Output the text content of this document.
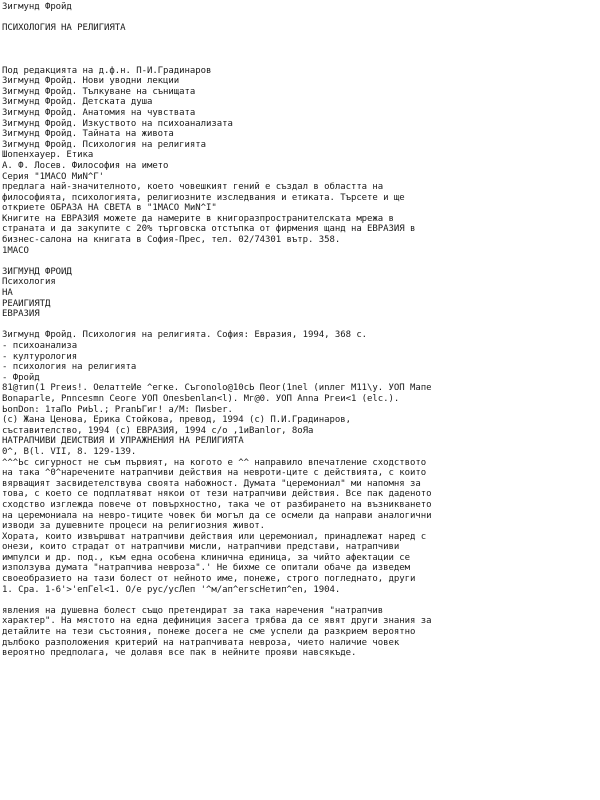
Зигмунд Фройд
ПСИХОЛОГИЯ НА РЕЛИГИЯТА
Под редакцията на д.ф.н. П-И.Градинаров
Зигмунд Фройд. Нови уводни лекции
Зигмунд Фройд. Тълкуване на сънищата
Зигмунд Фройд. Детската душа
Зигмунд Фройд. Анатомия на чувствата
Зигмунд Фройд. Изкуството на психоанализата
Зигмунд Фройд. Тайната на живота
Зигмунд Фройд. Психология на религията
Шопенхауер. Етика
А. Ф. Лосев. Философия на името
Серия "1МАСО МиN^Г'
предлага най-значителното, което човешкият гений е създал в областта на
философията, психологията, религиозните изследвания и етиката. Търсете и ще
откриете ОБРАЗА НА СВЕТА в "1МАСО МиN^I"
Книгите на ЕВРАЗИЯ можете да намерите в книгоразпространителската мрежа в
страната и да закупите с 20% търговска отстъпка от фирмения щанд на ЕВРАЗИЯ в
бизнес-салона на книгата в София-Прес, тел. 02/74301 вътр. 358.
1МАСО
ЗИГМУНД ФРОЙД
Психология
НА
РЕАИГИЯТД
ЕВРАЗИЯ
Зигмунд Фройд. Психология на религията. София: Евразия, 1994, 368 с.
- психоанализа
- културология
- психология на религията
- Фройд
81@тип(1 Ргеиѕ!. ОелаттеИе ^егке. Съгоnolo@10сЬ Пеог(1nel (иnлег М11\у. УОП Мапе
Воnараrlе, Рnnсеѕmn Сеоге УОП Опеѕbenlan<l). Мг@0. УОП Аnna Ргеи<1 (еlс.).
ЬопDоn: 1таПо РиЬl.; РrаnЬГиг! а/М: Пиѕbеr.
(с) Жана Ценова, Ерика Стойкова, превод, 1994 (с) П.И.Градинаров,
съставителство, 1994 (с) ЕВРАЗИЯ, 1994 с/о ,1иВаnlоr, 8оЯа
НАТРАПЧИВИ ДЕЙСТВИЯ И УПРАЖНЕНИЯ НА РЕЛИГИЯТА
0^, В(l. VII, 8. 129-139.
^^^Ьс сигурност не съм първият, на когото е ^^ направило впечатление сходството
на така ^0^наречените натрапчиви действия на невроти-ците с действията, с които
вярващият засвидетелствува своята набожност. Думата "церемониал" ми напомня за
това, с което се подплатяват някои от тези натрапчиви действия. Все пак даденото
сходство изглежда повече от повърхностно, така че от разбирането на възникването
на церемониала на невро-тиците човек би могъл да се осмели да направи аналогични
изводи за душевните процеси на религиозния живот.
Хората, които извършват натрапчиви действия или церемониал, принадлежат наред с
онези, които страдат от натрапчиви мисли, натрапчиви представи, натрапчиви
импулси и др. под., към една особена клинична единица, за чийто афектации се
използува думата "натрапчива невроза".' Не бихме се опитали обаче да изведем
своеобразието на тази болест от нейното име, понеже, строго погледнато, други
1. Сра. 1-6'>'епГеl<1. О/е рус/усЛеп '^м/ап^егѕсНетип^еn, 1904.
явления на душевна болест също претендират за така наречения "натрапчив
характер". На мястото на една дефиниция засега трябва да се явят други знания за
детайлите на тези състояния, понеже досега не сме успели да разкрием вероятно
дълбоко разположения критерий на натрапчивата невроза, чието наличие човек
вероятно предполага, че долавя все пак в нейните прояви навсякъде.
